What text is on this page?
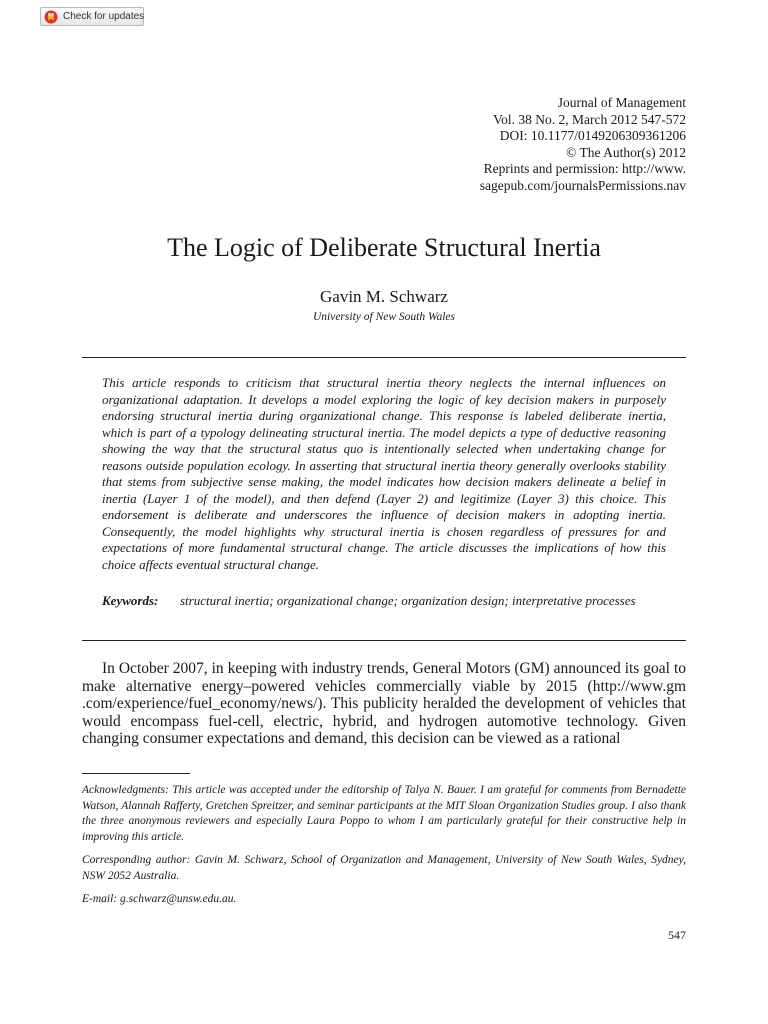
Check for updates
Journal of Management
Vol. 38 No. 2, March 2012 547-572
DOI: 10.1177/0149206309361206
© The Author(s) 2012
Reprints and permission: http://www.
sagepub.com/journalsPermissions.nav
The Logic of Deliberate Structural Inertia
Gavin M. Schwarz
University of New South Wales

This article responds to criticism that structural inertia theory neglects the internal influences on organizational adaptation. It develops a model exploring the logic of key decision makers in purposely endorsing structural inertia during organizational change. This response is labeled deliberate inertia, which is part of a typology delineating structural inertia. The model depicts a type of deductive reasoning showing the way that the structural status quo is intentionally selected when undertaking change for reasons outside population ecology. In asserting that structural inertia theory generally overlooks stability that stems from subjective sense making, the model indicates how decision makers delineate a belief in inertia (Layer 1 of the model), and then defend (Layer 2) and legitimize (Layer 3) this choice. This endorsement is deliberate and underscores the influence of decision makers in adopting inertia. Consequently, the model highlights why structural inertia is chosen regardless of pressures for and expectations of more fundamental structural change. The article discusses the implications of how this choice affects eventual structural change.

Keywords:	structural inertia; organizational change; organization design; interpretative processes

In October 2007, in keeping with industry trends, General Motors (GM) announced its goal to make alternative energy–powered vehicles commercially viable by 2015 (http://www.gm .com/experience/fuel_economy/news/). This publicity heralded the development of vehicles that would encompass fuel-cell, electric, hybrid, and hydrogen automotive technology. Given changing consumer expectations and demand, this decision can be viewed as a rational

Acknowledgments: This article was accepted under the editorship of Talya N. Bauer. I am grateful for comments from Bernadette Watson, Alannah Rafferty, Gretchen Spreitzer, and seminar participants at the MIT Sloan Organization Studies group. I also thank the three anonymous reviewers and especially Laura Poppo to whom I am particularly grateful for their constructive help in improving this article.

Corresponding author: Gavin M. Schwarz, School of Organization and Management, University of New South Wales, Sydney, NSW 2052 Australia.

E-mail: g.schwarz@unsw.edu.au.

547
